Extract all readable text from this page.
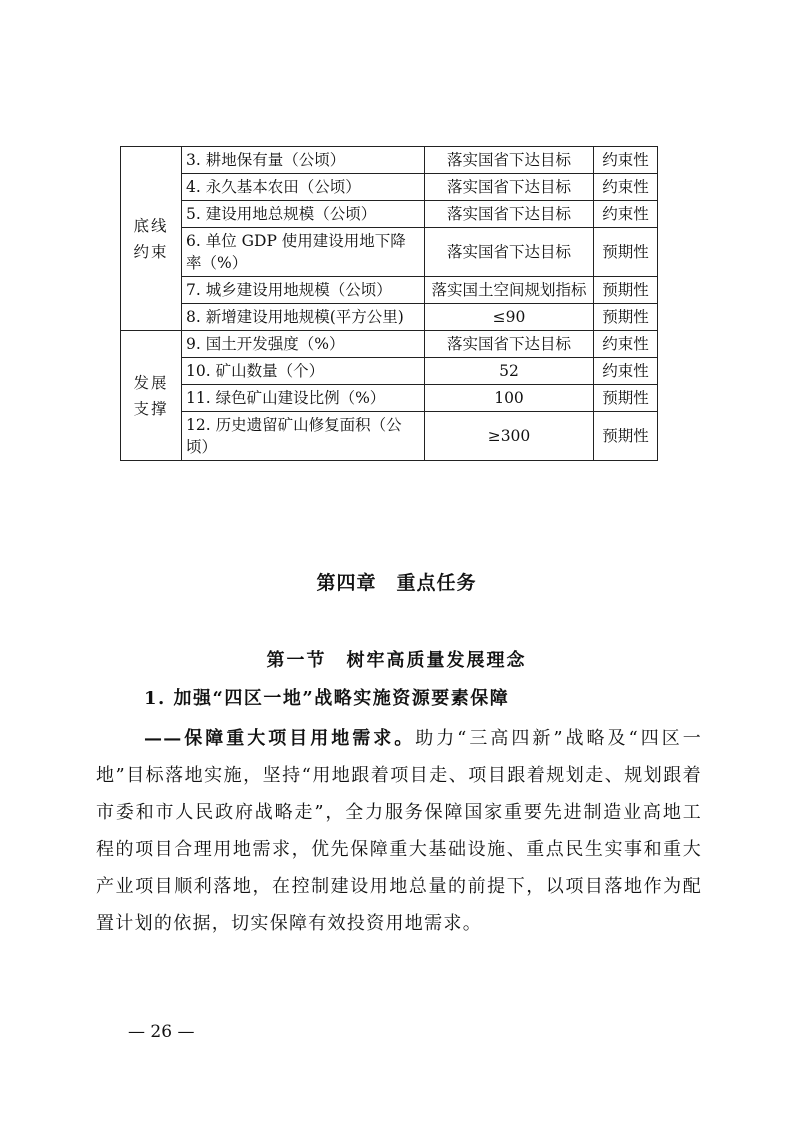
底线约束	3. 耕地保有量（公顷）	落实国省下达目标	约束性
	4. 永久基本农田（公顷）	落实国省下达目标	约束性
	5. 建设用地总规模（公顷）	落实国省下达目标	约束性
	6. 单位 GDP 使用建设用地下降率（%）	落实国省下达目标	预期性
	7. 城乡建设用地规模（公顷）	落实国土空间规划指标	预期性
	8. 新增建设用地规模(平方公里)	≤90	预期性
发展支撑	9. 国土开发强度（%）	落实国省下达目标	约束性
	10. 矿山数量（个）	52	约束性
	11. 绿色矿山建设比例（%）	100	预期性
	12. 历史遗留矿山修复面积（公顷）	≥300	预期性
第四章　重点任务
第一节　树牢高质量发展理念
1. 加强“四区一地”战略实施资源要素保障
——保障重大项目用地需求。助力“三高四新”战略及“四区一地”目标落地实施，坚持“用地跟着项目走、项目跟着规划走、规划跟着市委和市人民政府战略走”，全力服务保障国家重要先进制造业高地工程的项目合理用地需求，优先保障重大基础设施、重点民生实事和重大产业项目顺利落地，在控制建设用地总量的前提下，以项目落地作为配置计划的依据，切实保障有效投资用地需求。
— 26 —
